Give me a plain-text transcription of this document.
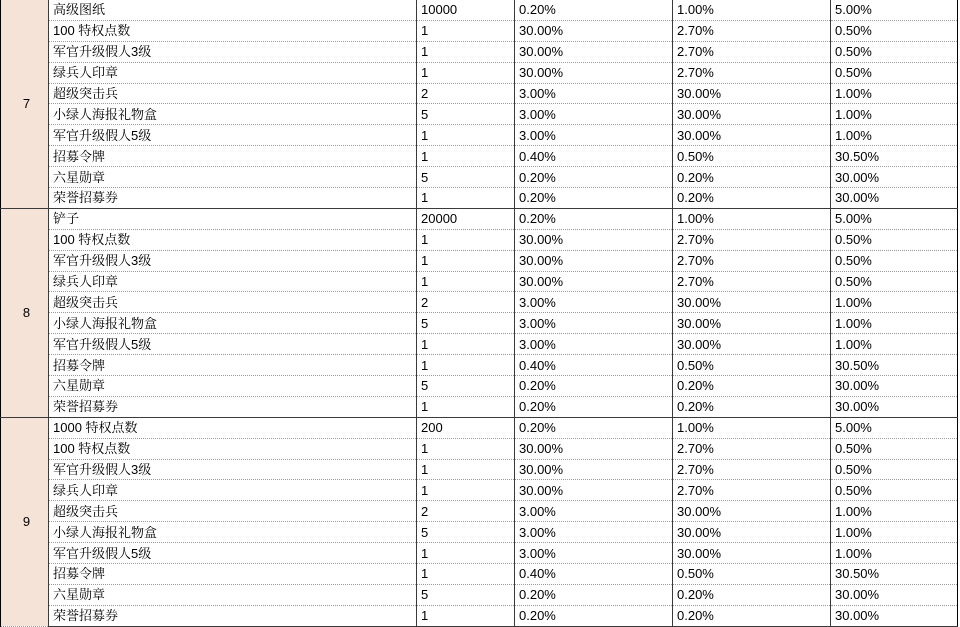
7	高级图纸	10000	0.20%	1.00%	5.00%
	100 特权点数	1	30.00%	2.70%	0.50%
	军官升级假人3级	1	30.00%	2.70%	0.50%
	绿兵人印章	1	30.00%	2.70%	0.50%
	超级突击兵	2	3.00%	30.00%	1.00%
	小绿人海报礼物盒	5	3.00%	30.00%	1.00%
	军官升级假人5级	1	3.00%	30.00%	1.00%
	招募令牌	1	0.40%	0.50%	30.50%
	六星勋章	5	0.20%	0.20%	30.00%
	荣誉招募券	1	0.20%	0.20%	30.00%
8	铲子	20000	0.20%	1.00%	5.00%
	100 特权点数	1	30.00%	2.70%	0.50%
	军官升级假人3级	1	30.00%	2.70%	0.50%
	绿兵人印章	1	30.00%	2.70%	0.50%
	超级突击兵	2	3.00%	30.00%	1.00%
	小绿人海报礼物盒	5	3.00%	30.00%	1.00%
	军官升级假人5级	1	3.00%	30.00%	1.00%
	招募令牌	1	0.40%	0.50%	30.50%
	六星勋章	5	0.20%	0.20%	30.00%
	荣誉招募券	1	0.20%	0.20%	30.00%
9	1000 特权点数	200	0.20%	1.00%	5.00%
	100 特权点数	1	30.00%	2.70%	0.50%
	军官升级假人3级	1	30.00%	2.70%	0.50%
	绿兵人印章	1	30.00%	2.70%	0.50%
	超级突击兵	2	3.00%	30.00%	1.00%
	小绿人海报礼物盒	5	3.00%	30.00%	1.00%
	军官升级假人5级	1	3.00%	30.00%	1.00%
	招募令牌	1	0.40%	0.50%	30.50%
	六星勋章	5	0.20%	0.20%	30.00%
	荣誉招募券	1	0.20%	0.20%	30.00%
